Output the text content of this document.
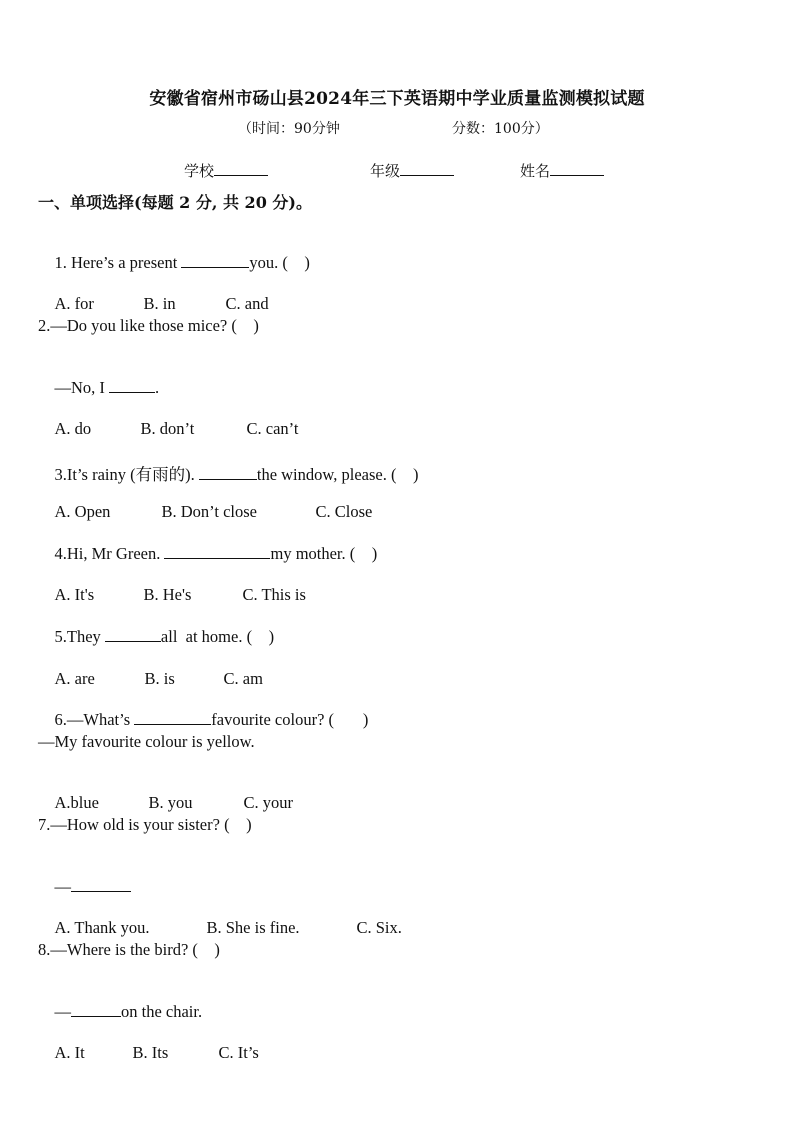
安徽省宿州市砀山县2024年三下英语期中学业质量监测模拟试题
（时间：90分钟	分数：100分）
学校	年级	姓名
一、单项选择(每题 2 分, 共 20 分)。

1. Here’s a present	you. (    )

A. for	B. in	C. and

2.—Do you like those mice? (    )

—No, I	.

A. do	B. don’t	C. can’t

3.It’s rainy (有雨的).	the window, please. (    )

A. Open	B. Don’t close	C. Close

4.Hi, Mr Green.	my mother. (    )

A. It's	B. He's	C. This is

5.They	all  at home. (    )

A. are	B. is	C. am

6.—What’s	favourite colour? (       )

—My favourite colour is yellow.

A.blue	B. you	C. your

7.—How old is your sister? (    )

—

A. Thank you.	B. She is fine.	C. Six.

8.—Where is the bird? (    )

—	on the chair.

A. It	B. Its	C. It’s
